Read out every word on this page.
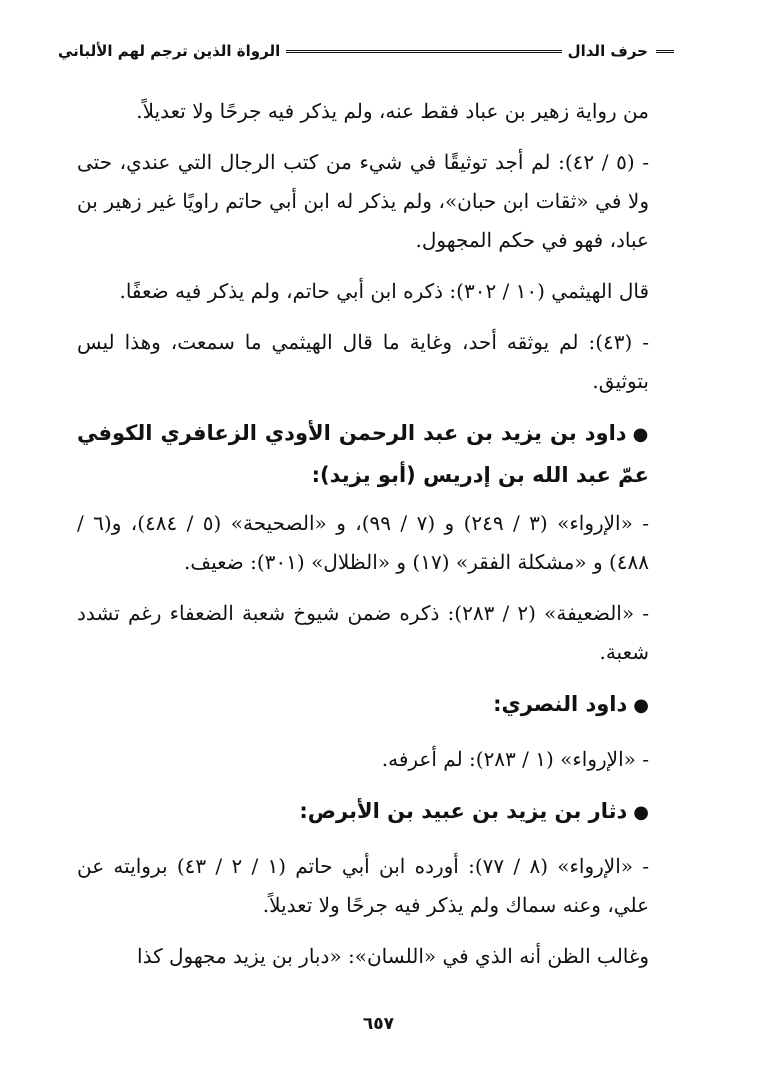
حرف الدال
الرواة الذين ترجم لهم الألباني

من رواية زهير بن عباد فقط عنه، ولم يذكر فيه جرحًا ولا تعديلاً.

- (٥ / ٤٢): لم أجد توثيقًا في شيء من كتب الرجال التي عندي، حتى ولا في «ثقات ابن حبان»، ولم يذكر له ابن أبي حاتم راويًا غير زهير بن عباد، فهو في حكم المجهول.

قال الهيثمي (١٠ / ٣٠٢): ذكره ابن أبي حاتم، ولم يذكر فيه ضعفًا.

- (٤٣): لم يوثقه أحد، وغاية ما قال الهيثمي ما سمعت، وهذا ليس بتوثيق.

●داود بن يزيد بن عبد الرحمن الأودي الزعافري الكوفي عمّ عبد الله بن إدريس (أبو يزيد):

- «الإرواء» (٣ / ٢٤٩) و (٧ / ٩٩)، و «الصحيحة» (٥ / ٤٨٤)، و(٦ / ٤٨٨) و «مشكلة الفقر» (١٧) و «الظلال» (٣٠١): ضعيف.

- «الضعيفة» (٢ / ٢٨٣): ذكره ضمن شيوخ شعبة الضعفاء رغم تشدد شعبة.

●داود النصري:

- «الإرواء» (١ / ٢٨٣): لم أعرفه.

●دثار بن يزيد بن عبيد بن الأبرص:

- «الإرواء» (٨ / ٧٧): أورده ابن أبي حاتم (١ / ٢ / ٤٣) بروايته عن علي، وعنه سماك ولم يذكر فيه جرحًا ولا تعديلاً.

وغالب الظن أنه الذي في «اللسان»: «دبار بن يزيد مجهول كذا

٦٥٧
